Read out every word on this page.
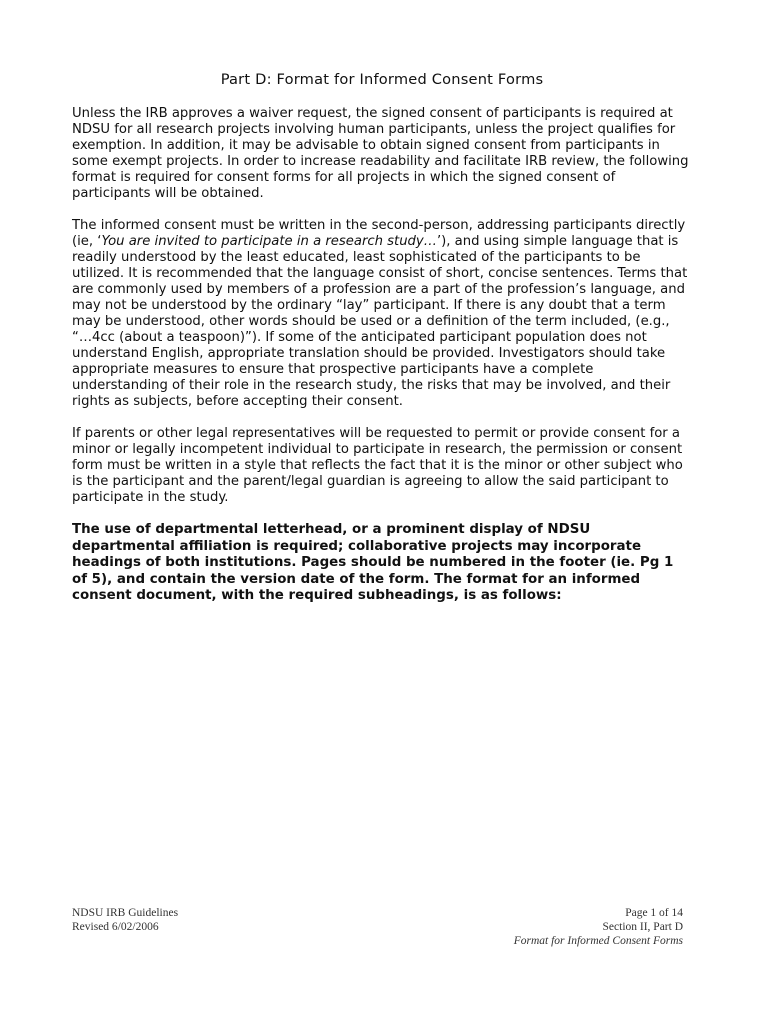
Part D: Format for Informed Consent Forms

Unless the IRB approves a waiver request, the signed consent of participants is required at NDSU for all research projects involving human participants, unless the project qualifies for exemption. In addition, it may be advisable to obtain signed consent from participants in some exempt projects. In order to increase readability and facilitate IRB review, the following format is required for consent forms for all projects in which the signed consent of participants will be obtained.

The informed consent must be written in the second-person, addressing participants directly (ie, ‘You are invited to participate in a research study…’), and using simple language that is readily understood by the least educated, least sophisticated of the participants to be utilized. It is recommended that the language consist of short, concise sentences. Terms that are commonly used by members of a profession are a part of the profession’s language, and may not be understood by the ordinary “lay” participant. If there is any doubt that a term may be understood, other words should be used or a definition of the term included, (e.g., “…4cc (about a teaspoon)”). If some of the anticipated participant population does not understand English, appropriate translation should be provided. Investigators should take appropriate measures to ensure that prospective participants have a complete understanding of their role in the research study, the risks that may be involved, and their rights as subjects, before accepting their consent.

If parents or other legal representatives will be requested to permit or provide consent for a minor or legally incompetent individual to participate in research, the permission or consent form must be written in a style that reflects the fact that it is the minor or other subject who is the participant and the parent/legal guardian is agreeing to allow the said participant to participate in the study.

The use of departmental letterhead, or a prominent display of NDSU departmental affiliation is required; collaborative projects may incorporate headings of both institutions. Pages should be numbered in the footer (ie. Pg 1 of 5), and contain the version date of the form. The format for an informed consent document, with the required subheadings, is as follows:

NDSU IRB Guidelines
Revised 6/02/2006
Page 1 of 14
Section II, Part D
Format for Informed Consent Forms
